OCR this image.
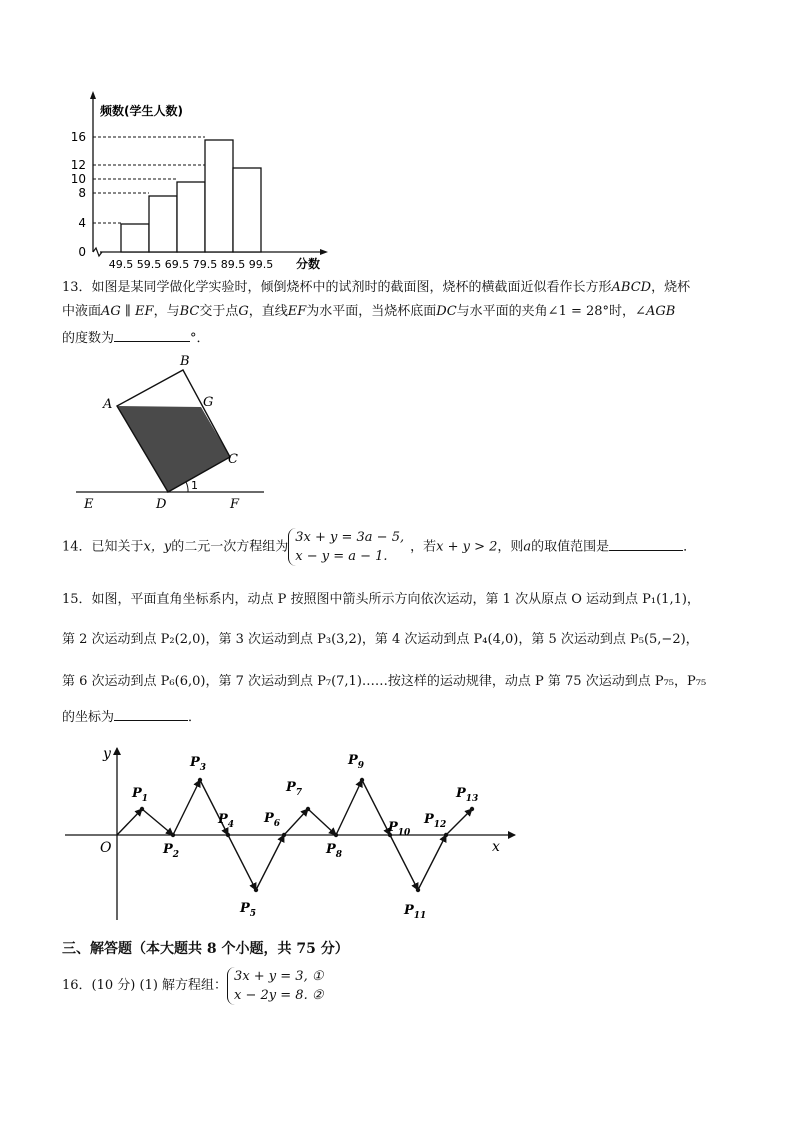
频数(学生人数)
16
12
10
8
4
0
49.5 59.5 69.5 79.5 89.5 99.5 分数
13．如图是某同学做化学实验时，倾倒烧杯中的试剂时的截面图，烧杯的横截面近似看作长方形ABCD，烧杯
中液面AG ∥ EF，与BC交于点G，直线EF为水平面，当烧杯底面DC与水平面的夹角∠1 = 28°时，∠AGB
的度数为	°．
A
B
G
C
D
E	F
1
14．已知关于x，y的二元一次方程组为
3x + y = 3a − 5,
x − y = a − 1.
，若x + y > 2，则a的取值范围是	．
15．如图，平面直角坐标系内，动点 P 按照图中箭头所示方向依次运动，第 1 次从原点 O 运动到点 P₁(1,1)，
第 2 次运动到点 P₂(2,0)，第 3 次运动到点 P₃(3,2)，第 4 次运动到点 P₄(4,0)，第 5 次运动到点 P₅(5,−2)，
第 6 次运动到点 P₆(6,0)，第 7 次运动到点 P₇(7,1)……按这样的运动规律，动点 P 第 75 次运动到点 P₇₅，P₇₅
的坐标为	．
$P_1$
$P_2$
$P_3$
$P_4$
$P_5$
$P_6$
$P_7$
$P_8$
$P_9$
$P_{10}$
$P_{11}$
$P_{12}$
$P_{13}$
y
x
O
三、解答题（本大题共 8 个小题，共 75 分）
16．(10 分) (1) 解方程组：
3x + y = 3, ①
x − 2y = 8. ②
